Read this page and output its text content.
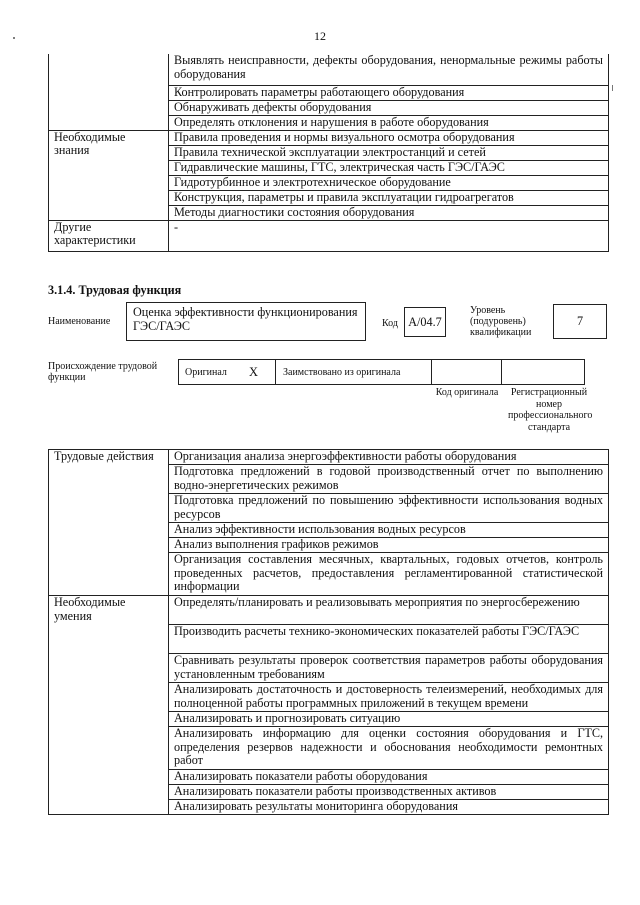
12
	Выявлять неисправности, дефекты оборудования, ненормальные режимы работы оборудования
	Контролировать параметры работающего оборудования
	Обнаруживать дефекты оборудования
	Определять отклонения и нарушения в работе оборудования
Необходимые знания	Правила проведения и нормы визуального осмотра оборудования
	Правила технической эксплуатации электростанций и сетей
	Гидравлические машины, ГТС, электрическая часть ГЭС/ГАЭС
	Гидротурбинное и электротехническое оборудование
	Конструкция, параметры и правила эксплуатации гидроагрегатов
	Методы диагностики состояния оборудования
Другие характеристики	-
3.1.4. Трудовая функция
Наименование
Оценка эффективности функционирования ГЭС/ГАЭС	Код A/04.7
Уровень (подуровень) квалификации
7
Происхождение трудовой функции	Оригинал X Заимствовано из оригинала
Код оригинала	Регистрационный номер профессионального стандарта
Трудовые действия	Организация анализа энергоэффективности работы оборудования
	Подготовка предложений в годовой производственный отчет по выполнению водно-энергетических режимов
	Подготовка предложений по повышению эффективности использования водных ресурсов
	Анализ эффективности использования водных ресурсов
	Анализ выполнения графиков режимов
	Организация составления месячных, квартальных, годовых отчетов, контроль проведенных расчетов, предоставления регламентированной статистической информации
Необходимые умения	Определять/планировать и реализовывать мероприятия по энергосбережению
	Производить расчеты технико-экономических показателей работы ГЭС/ГАЭС
	Сравнивать результаты проверок соответствия параметров работы оборудования установленным требованиям
	Анализировать достаточность и достоверность телеизмерений, необходимых для полноценной работы программных приложений в текущем времени
	Анализировать и прогнозировать ситуацию
	Анализировать информацию для оценки состояния оборудования и ГТС, определения резервов надежности и обоснования необходимости ремонтных работ
	Анализировать показатели работы оборудования
	Анализировать показатели работы производственных активов
	Анализировать результаты мониторинга оборудования
